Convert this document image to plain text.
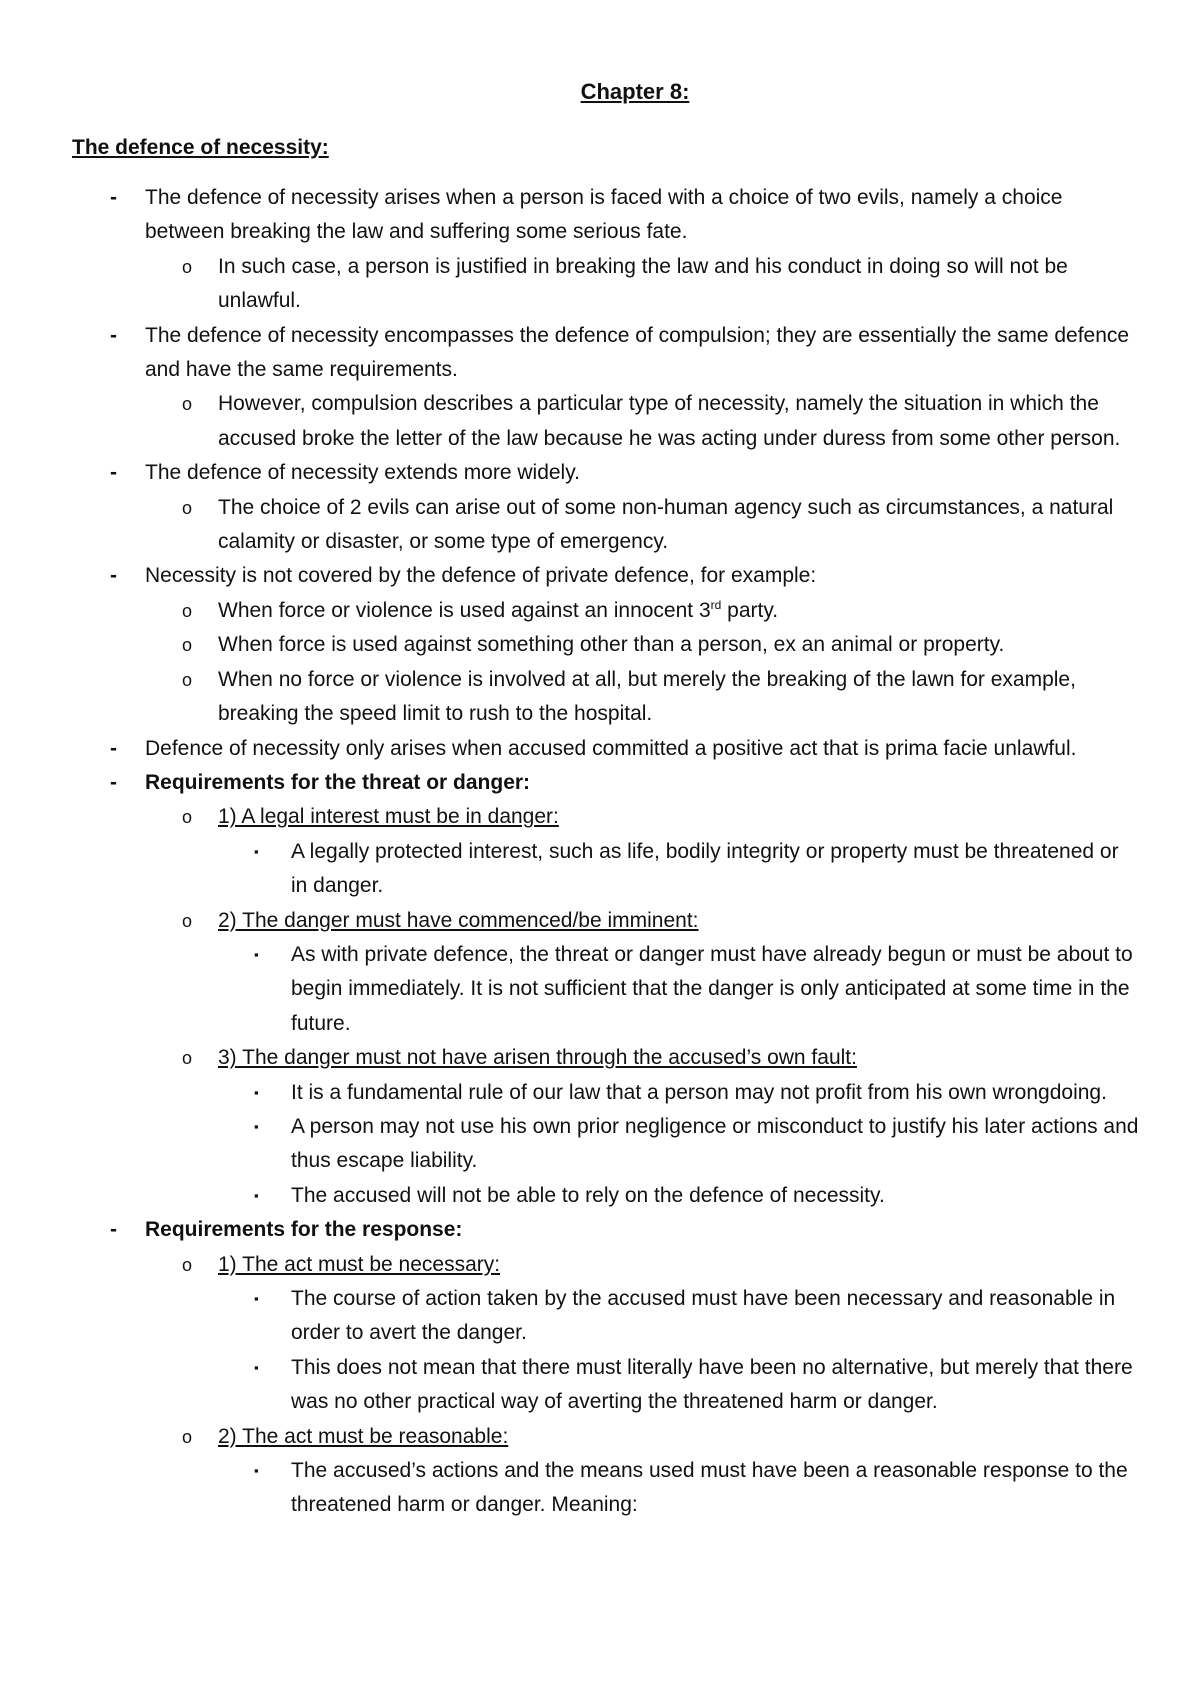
Chapter 8:
The defence of necessity:
- The defence of necessity arises when a person is faced with a choice of two evils, namely a choice between breaking the law and suffering some serious fate.
o In such case, a person is justified in breaking the law and his conduct in doing so will not be unlawful.
- The defence of necessity encompasses the defence of compulsion; they are essentially the same defence and have the same requirements.
o However, compulsion describes a particular type of necessity, namely the situation in which the accused broke the letter of the law because he was acting under duress from some other person.
- The defence of necessity extends more widely.
o The choice of 2 evils can arise out of some non-human agency such as circumstances, a natural calamity or disaster, or some type of emergency.
- Necessity is not covered by the defence of private defence, for example:
o When force or violence is used against an innocent 3rd party.
o When force is used against something other than a person, ex an animal or property.
o When no force or violence is involved at all, but merely the breaking of the lawn for example, breaking the speed limit to rush to the hospital.
- Defence of necessity only arises when accused committed a positive act that is prima facie unlawful.
- Requirements for the threat or danger:
o 1) A legal interest must be in danger:
▪ A legally protected interest, such as life, bodily integrity or property must be threatened or in danger.
o 2) The danger must have commenced/be imminent:
▪ As with private defence, the threat or danger must have already begun or must be about to begin immediately. It is not sufficient that the danger is only anticipated at some time in the future.
o 3) The danger must not have arisen through the accused’s own fault:
▪ It is a fundamental rule of our law that a person may not profit from his own wrongdoing.
▪ A person may not use his own prior negligence or misconduct to justify his later actions and thus escape liability.
▪ The accused will not be able to rely on the defence of necessity.
- Requirements for the response:
o 1) The act must be necessary:
▪ The course of action taken by the accused must have been necessary and reasonable in order to avert the danger.
▪ This does not mean that there must literally have been no alternative, but merely that there was no other practical way of averting the threatened harm or danger.
o 2) The act must be reasonable:
▪ The accused’s actions and the means used must have been a reasonable response to the threatened harm or danger. Meaning:
